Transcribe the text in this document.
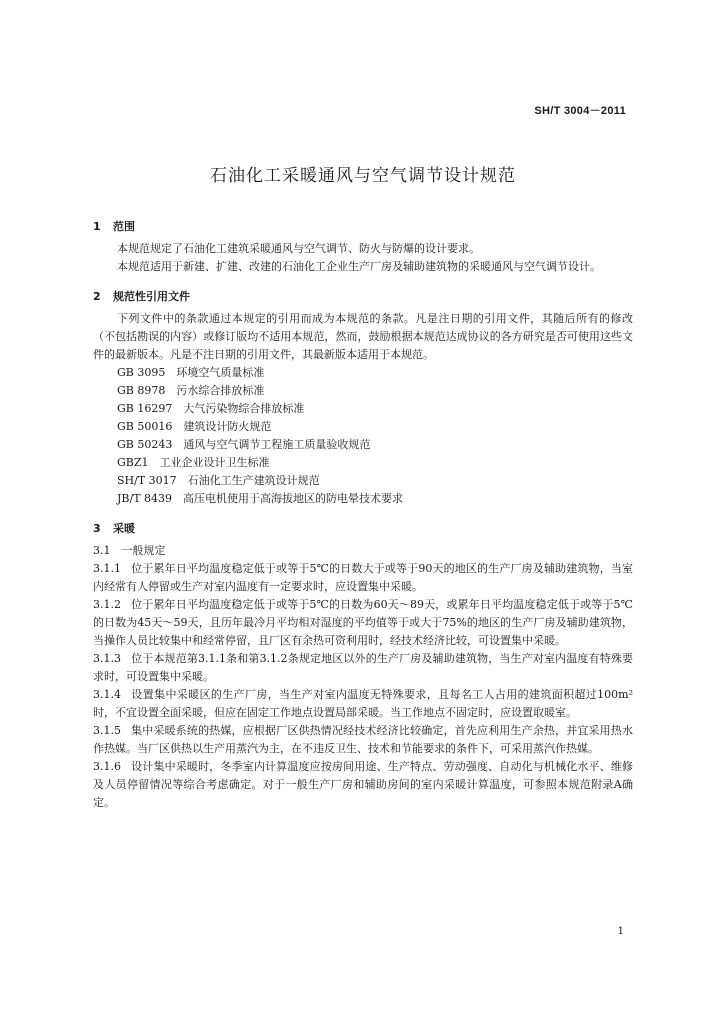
SH/T 3004－2011
石油化工采暖通风与空气调节设计规范

1 范围

本规范规定了石油化工建筑采暖通风与空气调节、防火与防爆的设计要求。

本规范适用于新建、扩建、改建的石油化工企业生产厂房及辅助建筑物的采暖通风与空气调节设计。

2 规范性引用文件

下列文件中的条款通过本规定的引用而成为本规范的条款。凡是注日期的引用文件，其随后所有的修改（不包括勘误的内容）或修订版均不适用本规范，然而，鼓励根据本规范达成协议的各方研究是否可使用这些文件的最新版本。凡是不注日期的引用文件，其最新版本适用于本规范。

GB 3095　环境空气质量标准

GB 8978　污水综合排放标准

GB 16297　大气污染物综合排放标准

GB 50016　建筑设计防火规范

GB 50243　通风与空气调节工程施工质量验收规范

GBZ1　工业企业设计卫生标准

SH/T 3017　石油化工生产建筑设计规范

JB/T 8439　高压电机使用于高海拔地区的防电晕技术要求

3 采暖

3.1　一般规定

3.1.1 位于累年日平均温度稳定低于或等于5℃的日数大于或等于90天的地区的生产厂房及辅助建筑物，当室内经常有人停留或生产对室内温度有一定要求时，应设置集中采暖。

3.1.2 位于累年日平均温度稳定低于或等于5℃的日数为60天～89天，或累年日平均温度稳定低于或等于5℃的日数为45天～59天，且历年最冷月平均相对湿度的平均值等于或大于75%的地区的生产厂房及辅助建筑物，当操作人员比较集中和经常停留，且厂区有余热可资利用时，经技术经济比较，可设置集中采暖。

3.1.3 位于本规范第3.1.1条和第3.1.2条规定地区以外的生产厂房及辅助建筑物，当生产对室内温度有特殊要求时，可设置集中采暖。

3.1.4 设置集中采暖区的生产厂房，当生产对室内温度无特殊要求，且每名工人占用的建筑面积超过100m²时，不宜设置全面采暖，但应在固定工作地点设置局部采暖。当工作地点不固定时，应设置取暖室。

3.1.5 集中采暖系统的热媒，应根据厂区供热情况经技术经济比较确定，首先应利用生产余热，并宜采用热水作热媒。当厂区供热以生产用蒸汽为主，在不违反卫生、技术和节能要求的条件下，可采用蒸汽作热媒。

3.1.6 设计集中采暖时，冬季室内计算温度应按房间用途、生产特点、劳动强度、自动化与机械化水平、维修及人员停留情况等综合考虑确定。对于一般生产厂房和辅助房间的室内采暖计算温度，可参照本规范附录A确定。

1
